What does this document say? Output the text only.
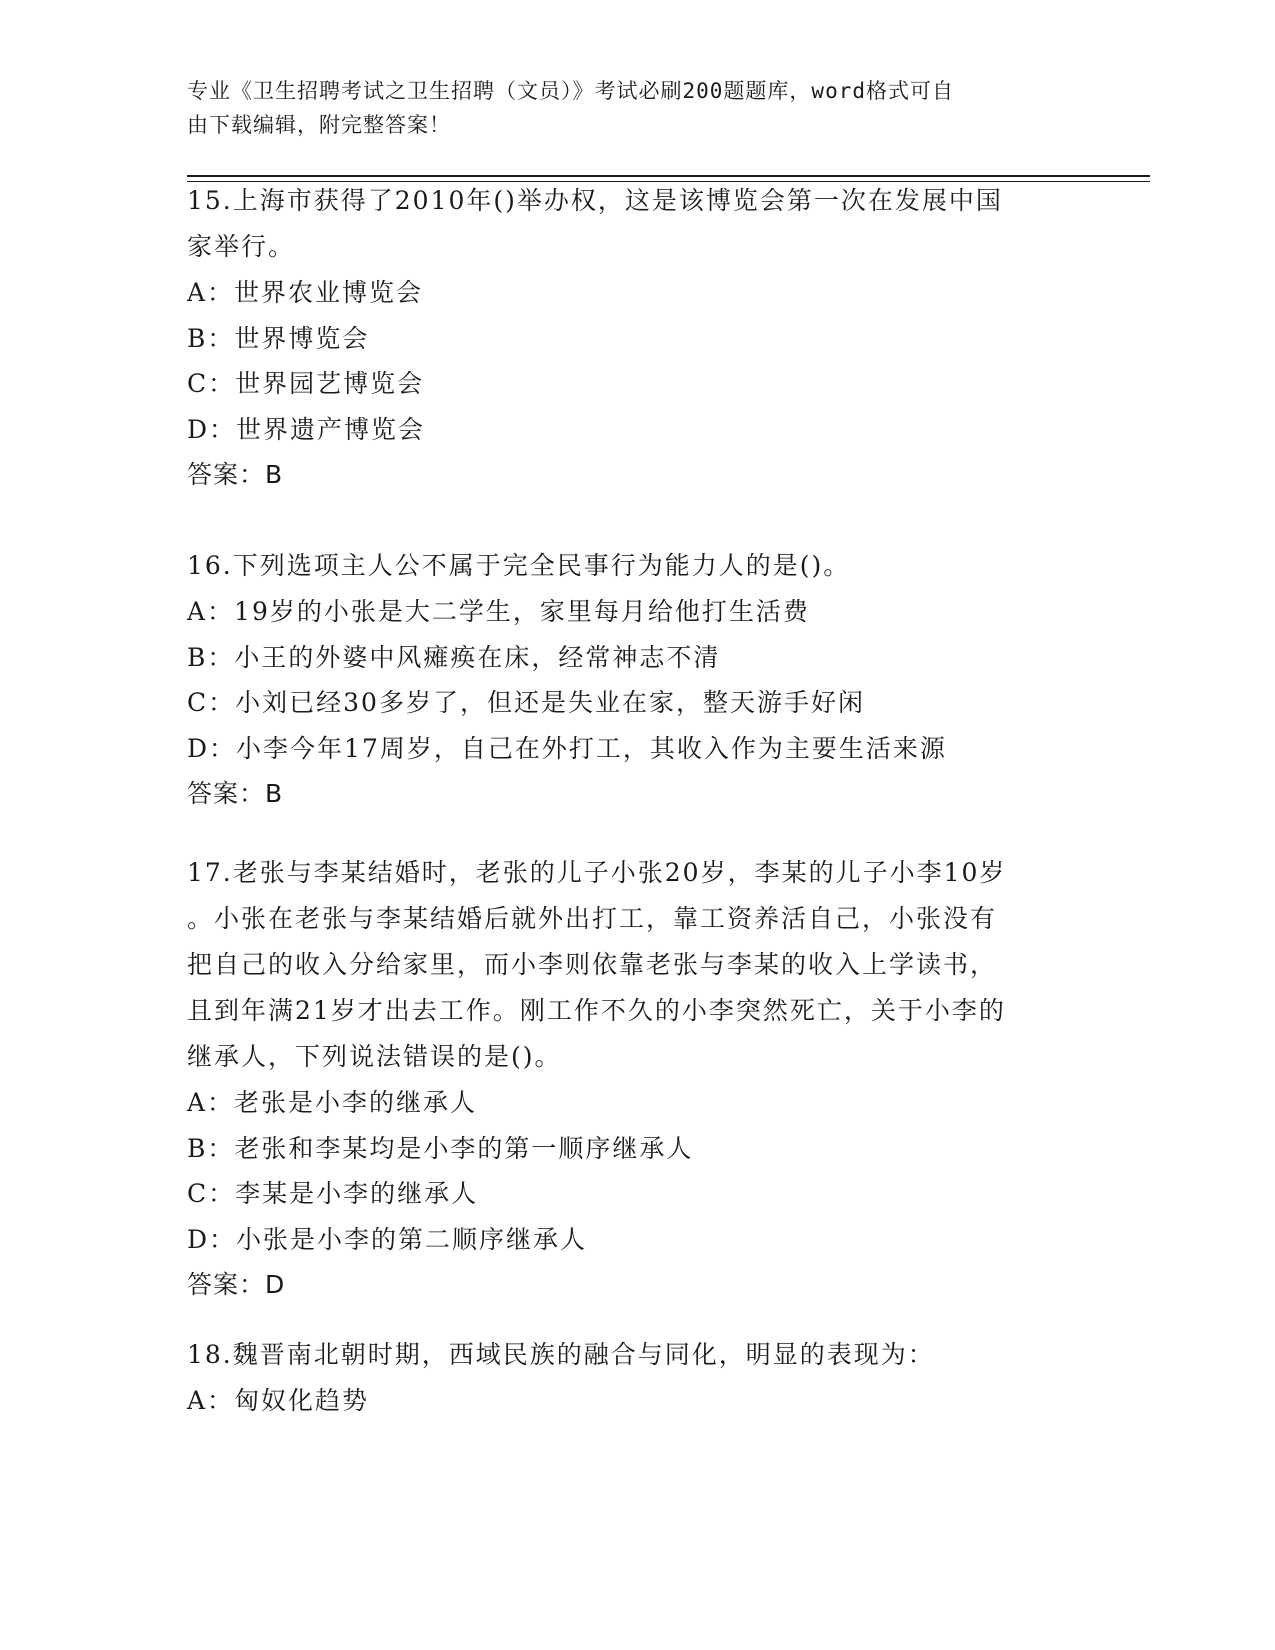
专业《卫生招聘考试之卫生招聘（文员）》考试必刷200题题库，word格式可自
由下载编辑，附完整答案！
15.上海市获得了2010年()举办权，这是该博览会第一次在发展中国
家举行。
A：世界农业博览会
B：世界博览会
C：世界园艺博览会
D：世界遗产博览会
答案：B
16.下列选项主人公不属于完全民事行为能力人的是()。
A：19岁的小张是大二学生，家里每月给他打生活费
B：小王的外婆中风瘫痪在床，经常神志不清
C：小刘已经30多岁了，但还是失业在家，整天游手好闲
D：小李今年17周岁，自己在外打工，其收入作为主要生活来源
答案：B
17.老张与李某结婚时，老张的儿子小张20岁，李某的儿子小李10岁
。小张在老张与李某结婚后就外出打工，靠工资养活自己，小张没有
把自己的收入分给家里，而小李则依靠老张与李某的收入上学读书，
且到年满21岁才出去工作。刚工作不久的小李突然死亡，关于小李的
继承人，下列说法错误的是()。
A：老张是小李的继承人
B：老张和李某均是小李的第一顺序继承人
C：李某是小李的继承人
D：小张是小李的第二顺序继承人
答案：D
18.魏晋南北朝时期，西域民族的融合与同化，明显的表现为：
A：匈奴化趋势
